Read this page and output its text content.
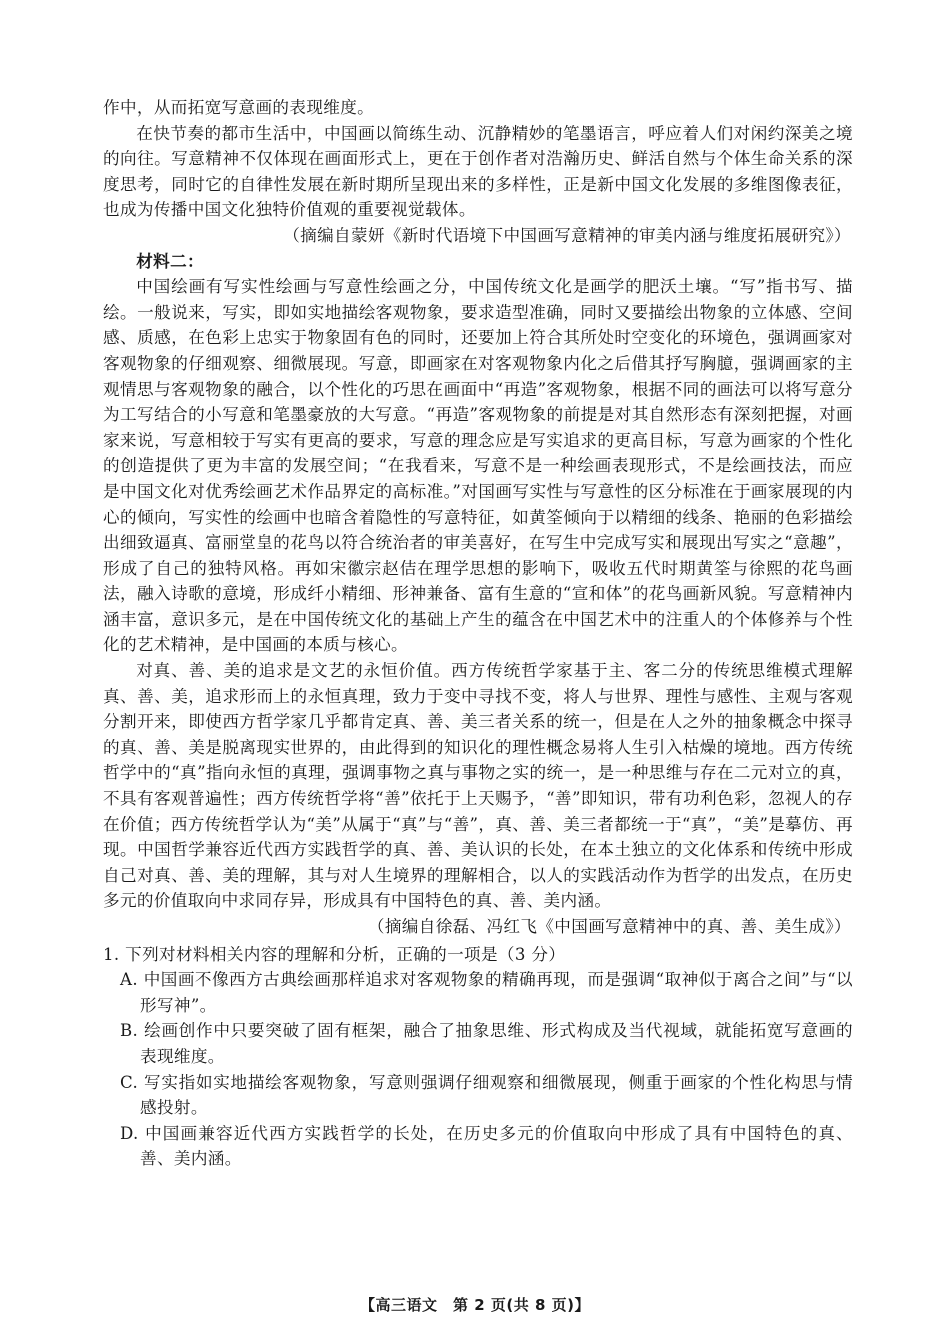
作中，从而拓宽写意画的表现维度。

在快节奏的都市生活中，中国画以简练生动、沉静精妙的笔墨语言，呼应着人们对闲约深美之境的向往。写意精神不仅体现在画面形式上，更在于创作者对浩瀚历史、鲜活自然与个体生命关系的深度思考，同时它的自律性发展在新时期所呈现出来的多样性，正是新中国文化发展的多维图像表征，也成为传播中国文化独特价值观的重要视觉载体。

（摘编自蒙妍《新时代语境下中国画写意精神的审美内涵与维度拓展研究》）

材料二：

中国绘画有写实性绘画与写意性绘画之分，中国传统文化是画学的肥沃土壤。“写”指书写、描绘。一般说来，写实，即如实地描绘客观物象，要求造型准确，同时又要描绘出物象的立体感、空间感、质感，在色彩上忠实于物象固有色的同时，还要加上符合其所处时空变化的环境色，强调画家对客观物象的仔细观察、细微展现。写意，即画家在对客观物象内化之后借其抒写胸臆，强调画家的主观情思与客观物象的融合，以个性化的巧思在画面中“再造”客观物象，根据不同的画法可以将写意分为工写结合的小写意和笔墨豪放的大写意。“再造”客观物象的前提是对其自然形态有深刻把握，对画家来说，写意相较于写实有更高的要求，写意的理念应是写实追求的更高目标，写意为画家的个性化的创造提供了更为丰富的发展空间；“在我看来，写意不是一种绘画表现形式，不是绘画技法，而应是中国文化对优秀绘画艺术作品界定的高标准。”对国画写实性与写意性的区分标准在于画家展现的内心的倾向，写实性的绘画中也暗含着隐性的写意特征，如黄筌倾向于以精细的线条、艳丽的色彩描绘出细致逼真、富丽堂皇的花鸟以符合统治者的审美喜好，在写生中完成写实和展现出写实之“意趣”，形成了自己的独特风格。再如宋徽宗赵佶在理学思想的影响下，吸收五代时期黄筌与徐熙的花鸟画法，融入诗歌的意境，形成纤小精细、形神兼备、富有生意的“宣和体”的花鸟画新风貌。写意精神内涵丰富，意识多元，是在中国传统文化的基础上产生的蕴含在中国艺术中的注重人的个体修养与个性化的艺术精神，是中国画的本质与核心。

对真、善、美的追求是文艺的永恒价值。西方传统哲学家基于主、客二分的传统思维模式理解真、善、美，追求形而上的永恒真理，致力于变中寻找不变，将人与世界、理性与感性、主观与客观分割开来，即使西方哲学家几乎都肯定真、善、美三者关系的统一，但是在人之外的抽象概念中探寻的真、善、美是脱离现实世界的，由此得到的知识化的理性概念易将人生引入枯燥的境地。西方传统哲学中的“真”指向永恒的真理，强调事物之真与事物之实的统一，是一种思维与存在二元对立的真，不具有客观普遍性；西方传统哲学将“善”依托于上天赐予，“善”即知识，带有功利色彩，忽视人的存在价值；西方传统哲学认为“美”从属于“真”与“善”，真、善、美三者都统一于“真”，“美”是摹仿、再现。中国哲学兼容近代西方实践哲学的真、善、美认识的长处，在本土独立的文化体系和传统中形成自己对真、善、美的理解，其与对人生境界的理解相合，以人的实践活动作为哲学的出发点，在历史多元的价值取向中求同存异，形成具有中国特色的真、善、美内涵。

（摘编自徐磊、冯红飞《中国画写意精神中的真、善、美生成》）

1. 下列对材料相关内容的理解和分析，正确的一项是（3 分）

A. 中国画不像西方古典绘画那样追求对客观物象的精确再现，而是强调“取神似于离合之间”与“以形写神”。

B. 绘画创作中只要突破了固有框架，融合了抽象思维、形式构成及当代视域，就能拓宽写意画的表现维度。

C. 写实指如实地描绘客观物象，写意则强调仔细观察和细微展现，侧重于画家的个性化构思与情感投射。

D. 中国画兼容近代西方实践哲学的长处，在历史多元的价值取向中形成了具有中国特色的真、善、美内涵。

【高三语文　第 2 页(共 8 页)】
